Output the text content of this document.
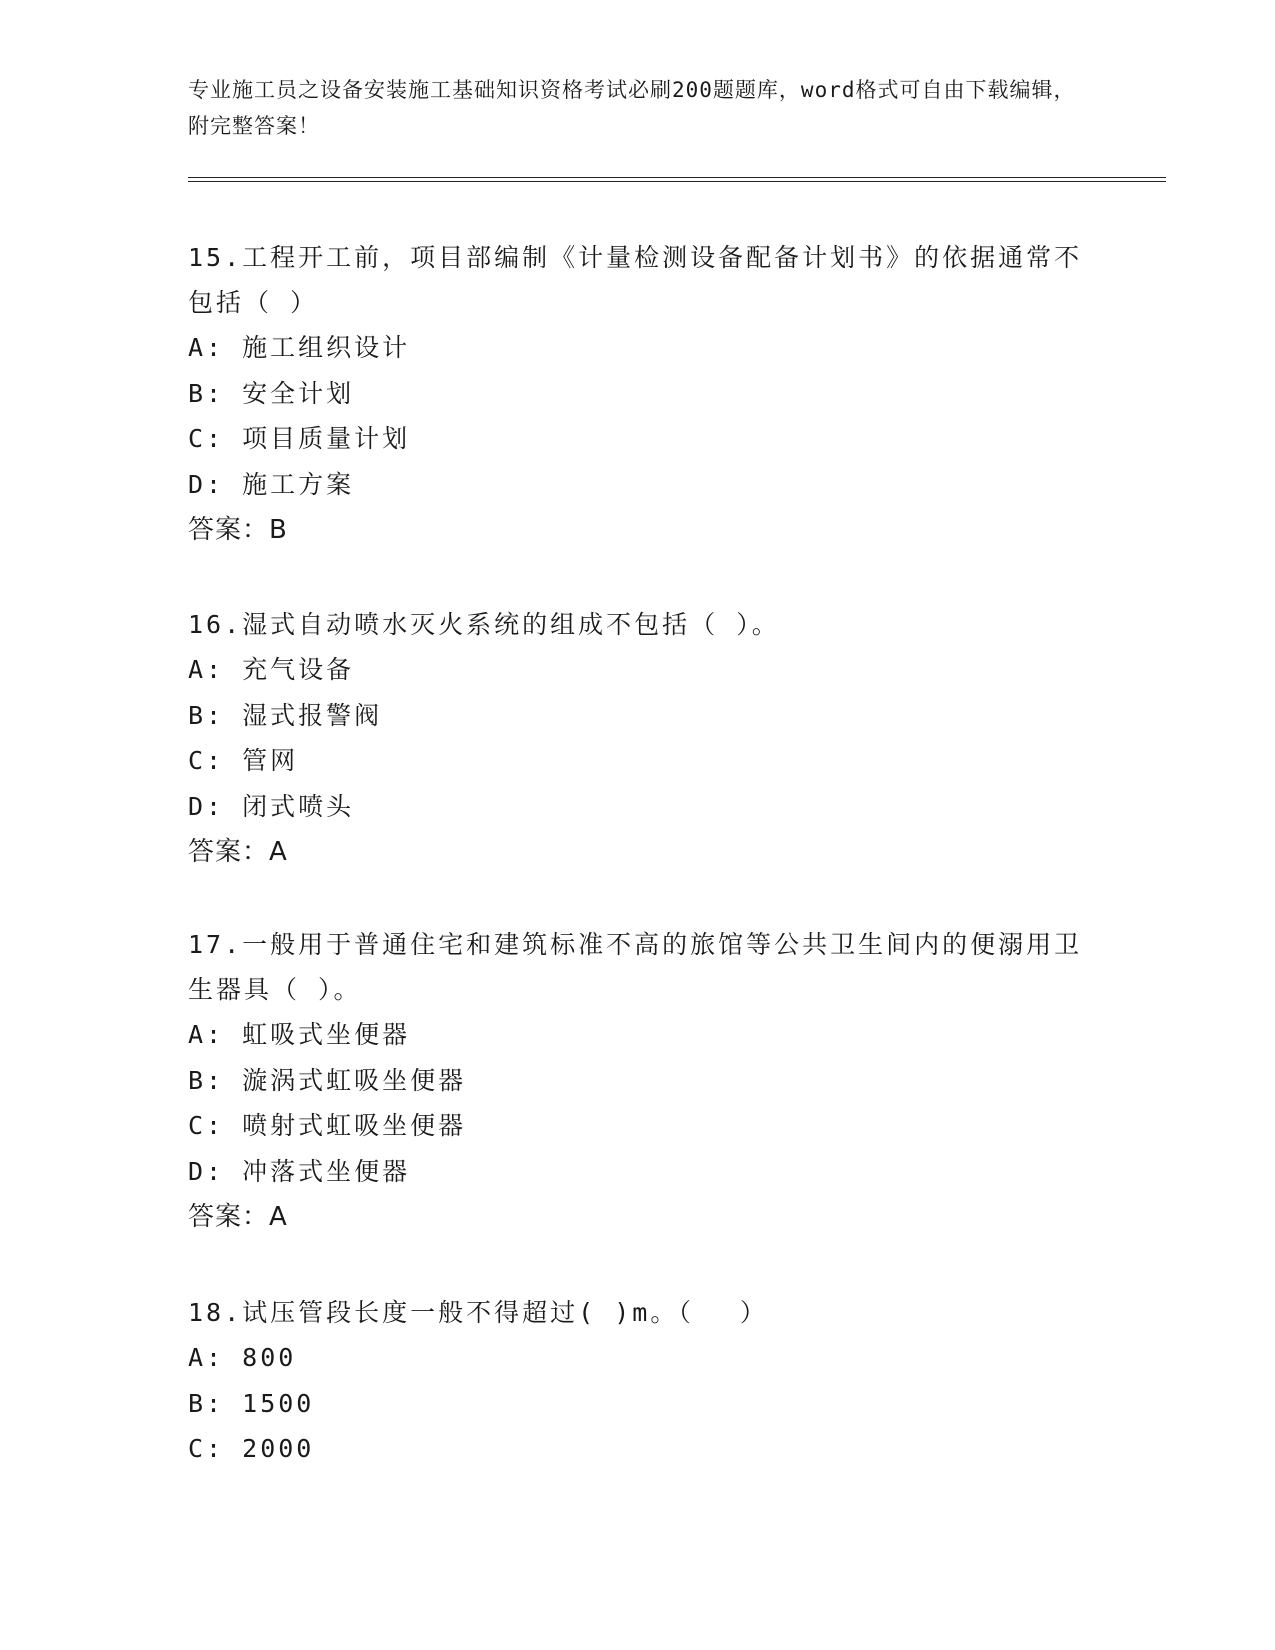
专业施工员之设备安装施工基础知识资格考试必刷200题题库，word格式可自由下载编辑，附完整答案！
15.工程开工前，项目部编制《计量检测设备配备计划书》的依据通常不包括（ ）
A: 施工组织设计
B: 安全计划
C: 项目质量计划
D: 施工方案
答案：B
16.湿式自动喷水灭火系统的组成不包括（ ）。
A: 充气设备
B: 湿式报警阀
C: 管网
D: 闭式喷头
答案：A
17.一般用于普通住宅和建筑标准不高的旅馆等公共卫生间内的便溺用卫生器具（ ）。
A: 虹吸式坐便器
B: 漩涡式虹吸坐便器
C: 喷射式虹吸坐便器
D: 冲落式坐便器
答案：A
18.试压管段长度一般不得超过( )m。（　 ）
A: 800
B: 1500
C: 2000
